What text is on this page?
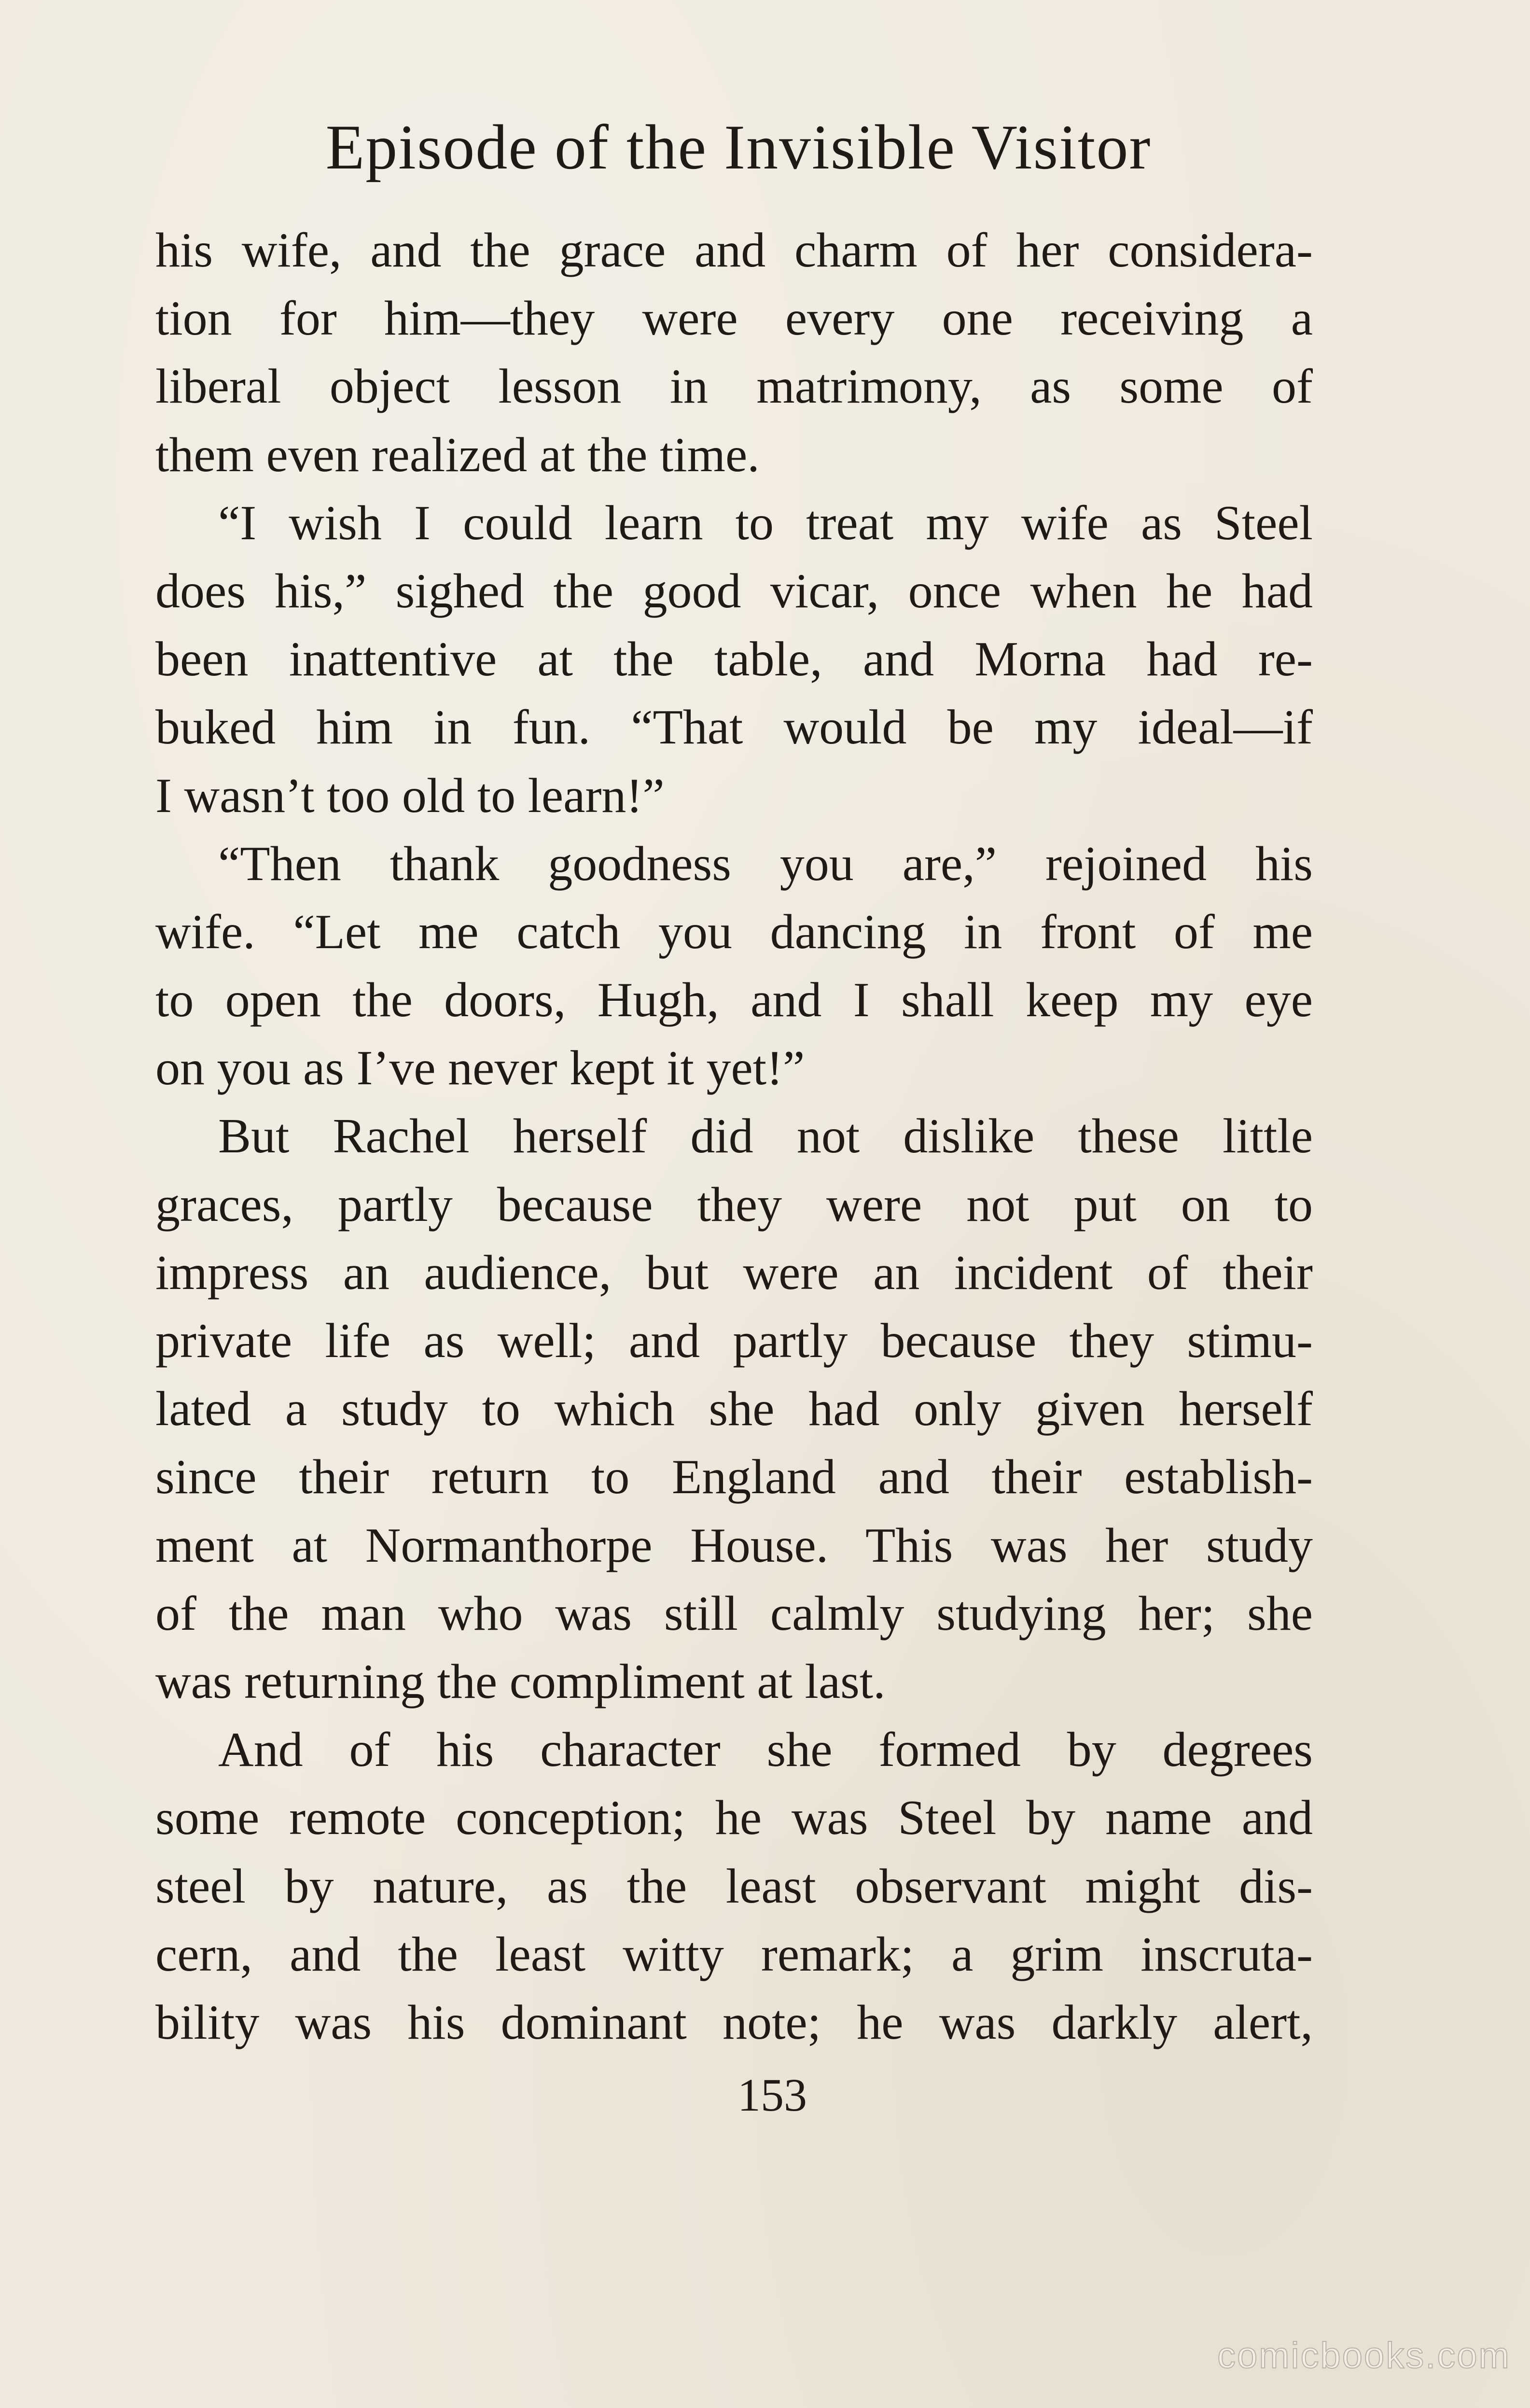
Episode of the Invisible Visitor
his wife, and the grace and charm of her considera-
tion for him—they were every one receiving a
liberal object lesson in matrimony, as some of
them even realized at the time.
“I wish I could learn to treat my wife as Steel
does his,” sighed the good vicar, once when he had
been inattentive at the table, and Morna had re-
buked him in fun. “That would be my ideal—if
I wasn’t too old to learn!”
“Then thank goodness you are,” rejoined his
wife. “Let me catch you dancing in front of me
to open the doors, Hugh, and I shall keep my eye
on you as I’ve never kept it yet!”
But Rachel herself did not dislike these little
graces, partly because they were not put on to
impress an audience, but were an incident of their
private life as well; and partly because they stimu-
lated a study to which she had only given herself
since their return to England and their establish-
ment at Normanthorpe House. This was her study
of the man who was still calmly studying her; she
was returning the compliment at last.
And of his character she formed by degrees
some remote conception; he was Steel by name and
steel by nature, as the least observant might dis-
cern, and the least witty remark; a grim inscruta-
bility was his dominant note; he was darkly alert,
153
comicbooks.com
